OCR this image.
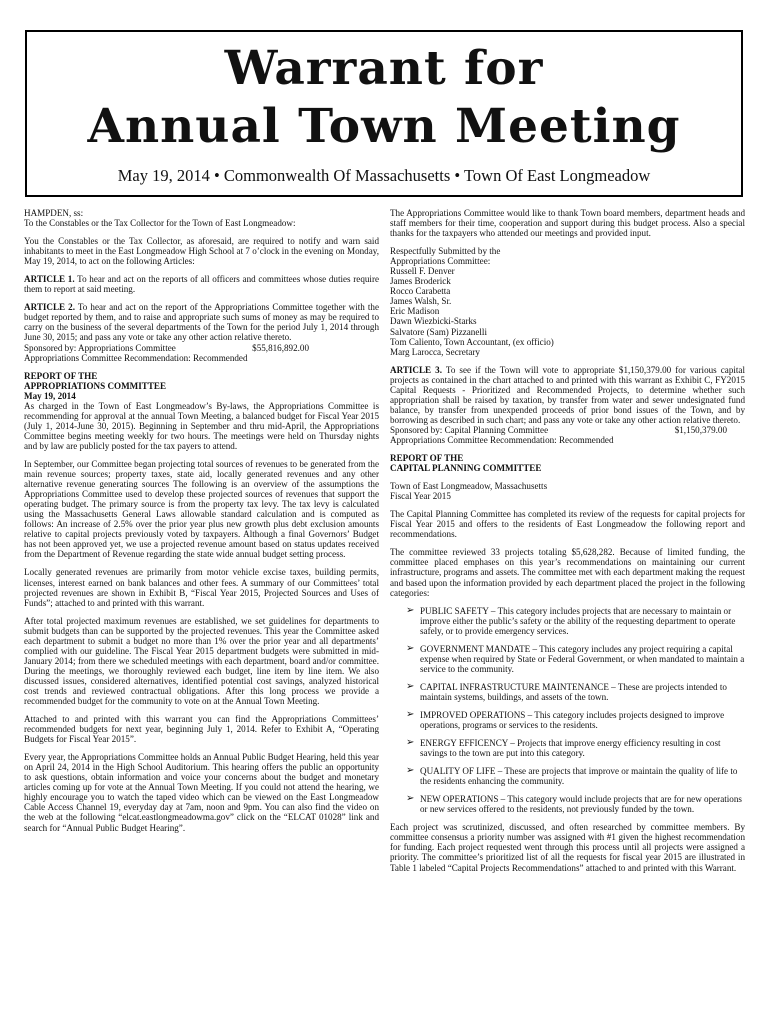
Warrant for
Annual Town Meeting
May 19, 2014 • Commonwealth Of Massachusetts • Town Of East Longmeadow

HAMPDEN, ss:

To the Constables or the Tax Collector for the Town of East Longmeadow:

You the Constables or the Tax Collector, as aforesaid, are required to notify and warn said inhabitants to meet in the East Longmeadow High School at 7 o’clock in the evening on Monday, May 19, 2014, to act on the following Articles:

ARTICLE 1. To hear and act on the reports of all officers and committees whose duties require them to report at said meeting.

ARTICLE 2. To hear and act on the report of the Appropriations Committee together with the budget reported by them, and to raise and appropriate such sums of money as may be required to carry on the business of the several departments of the Town for the period July 1, 2014 through June 30, 2015; and pass any vote or take any other action relative thereto.

Sponsored by: Appropriations Committee	$55,816,892.00
Appropriations Committee Recommendation: Recommended
REPORT OF THE
APPROPRIATIONS COMMITTEE
May 19, 2014

As charged in the Town of East Longmeadow’s By-laws, the Appropriations Committee is recommending for approval at the annual Town Meeting, a balanced budget for Fiscal Year 2015 (July 1, 2014-June 30, 2015). Beginning in September and thru mid-April, the Appropriations Committee begins meeting weekly for two hours. The meetings were held on Thursday nights and by law are publicly posted for the tax payers to attend.

In September, our Committee began projecting total sources of revenues to be generated from the main revenue sources; property taxes, state aid, locally generated revenues and any other alternative revenue generating sources The following is an overview of the assumptions the Appropriations Committee used to develop these projected sources of revenues that support the operating budget. The primary source is from the property tax levy. The tax levy is calculated using the Massachusetts General Laws allowable standard calculation and is computed as follows: An increase of 2.5% over the prior year plus new growth plus debt exclusion amounts relative to capital projects previously voted by taxpayers. Although a final Governors’ Budget has not been approved yet, we use a projected revenue amount based on status updates received from the Department of Revenue regarding the state wide annual budget setting process.

Locally generated revenues are primarily from motor vehicle excise taxes, building permits, licenses, interest earned on bank balances and other fees. A summary of our Committees’ total projected revenues are shown in Exhibit B, “Fiscal Year 2015, Projected Sources and Uses of Funds”; attached to and printed with this warrant.

After total projected maximum revenues are established, we set guidelines for departments to submit budgets than can be supported by the projected revenues. This year the Committee asked each department to submit a budget no more than 1% over the prior year and all departments’ complied with our guideline. The Fiscal Year 2015 department budgets were submitted in mid-January 2014; from there we scheduled meetings with each department, board and/or committee. During the meetings, we thoroughly reviewed each budget, line item by line item. We also discussed issues, considered alternatives, identified potential cost savings, analyzed historical cost trends and reviewed contractual obligations. After this long process we provide a recommended budget for the community to vote on at the Annual Town Meeting.

Attached to and printed with this warrant you can find the Appropriations Committees’ recommended budgets for next year, beginning July 1, 2014. Refer to Exhibit A, “Operating Budgets for Fiscal Year 2015”.

Every year, the Appropriations Committee holds an Annual Public Budget Hearing, held this year on April 24, 2014 in the High School Auditorium. This hearing offers the public an opportunity to ask questions, obtain information and voice your concerns about the budget and monetary articles coming up for vote at the Annual Town Meeting. If you could not attend the hearing, we highly encourage you to watch the taped video which can be viewed on the East Longmeadow Cable Access Channel 19, everyday day at 7am, noon and 9pm. You can also find the video on the web at the following “elcat.eastlongmeadowma.gov” click on the “ELCAT 01028” link and search for “Annual Public Budget Hearing”.

The Appropriations Committee would like to thank Town board members, department heads and staff members for their time, cooperation and support during this budget process. Also a special thanks for the taxpayers who attended our meetings and provided input.

Respectfully Submitted by the
Appropriations Committee:
Russell F. Denver
James Broderick
Rocco Carabetta
James Walsh, Sr.
Eric Madison
Dawn Wiezbicki-Starks
Salvatore (Sam) Pizzanelli
Tom Caliento, Town Accountant, (ex officio)
Marg Larocca, Secretary

ARTICLE 3. To see if the Town will vote to appropriate $1,150,379.00 for various capital projects as contained in the chart attached to and printed with this warrant as Exhibit C, FY2015 Capital Requests - Prioritized and Recommended Projects, to determine whether such appropriation shall be raised by taxation, by transfer from water and sewer undesignated fund balance, by transfer from unexpended proceeds of prior bond issues of the Town, and by borrowing as described in such chart; and pass any vote or take any other action relative thereto.

Sponsored by: Capital Planning Committee	$1,150,379.00
Appropriations Committee Recommendation: Recommended
REPORT OF THE
CAPITAL PLANNING COMMITTEE
Town of East Longmeadow, Massachusetts
Fiscal Year 2015

The Capital Planning Committee has completed its review of the requests for capital projects for Fiscal Year 2015 and offers to the residents of East Longmeadow the following report and recommendations.

The committee reviewed 33 projects totaling $5,628,282. Because of limited funding, the committee placed emphases on this year’s recommendations on maintaining our current infrastructure, programs and assets. The committee met with each department making the request and based upon the information provided by each department placed the project in the following categories:

➢ PUBLIC SAFETY – This category includes projects that are necessary to maintain or improve either the public’s safety or the ability of the requesting department to operate safely, or to provide emergency services.
➢ GOVERNMENT MANDATE – This category includes any project requiring a capital expense when required by State or Federal Government, or when mandated to maintain a service to the community.
➢ CAPITAL INFRASTRUCTURE MAINTENANCE – These are projects intended to maintain systems, buildings, and assets of the town.
➢ IMPROVED OPERATIONS – This category includes projects designed to improve operations, programs or services to the residents.
➢ ENERGY EFFICENCY – Projects that improve energy efficiency resulting in cost savings to the town are put into this category.
➢ QUALITY OF LIFE – These are projects that improve or maintain the quality of life to the residents enhancing the community.
➢ NEW OPERATIONS – This category would include projects that are for new operations or new services offered to the residents, not previously funded by the town.

Each project was scrutinized, discussed, and often researched by committee members. By committee consensus a priority number was assigned with #1 given the highest recommendation for funding. Each project requested went through this process until all projects were assigned a priority. The committee’s prioritized list of all the requests for fiscal year 2015 are illustrated in Table 1 labeled “Capital Projects Recommendations” attached to and printed with this Warrant.
